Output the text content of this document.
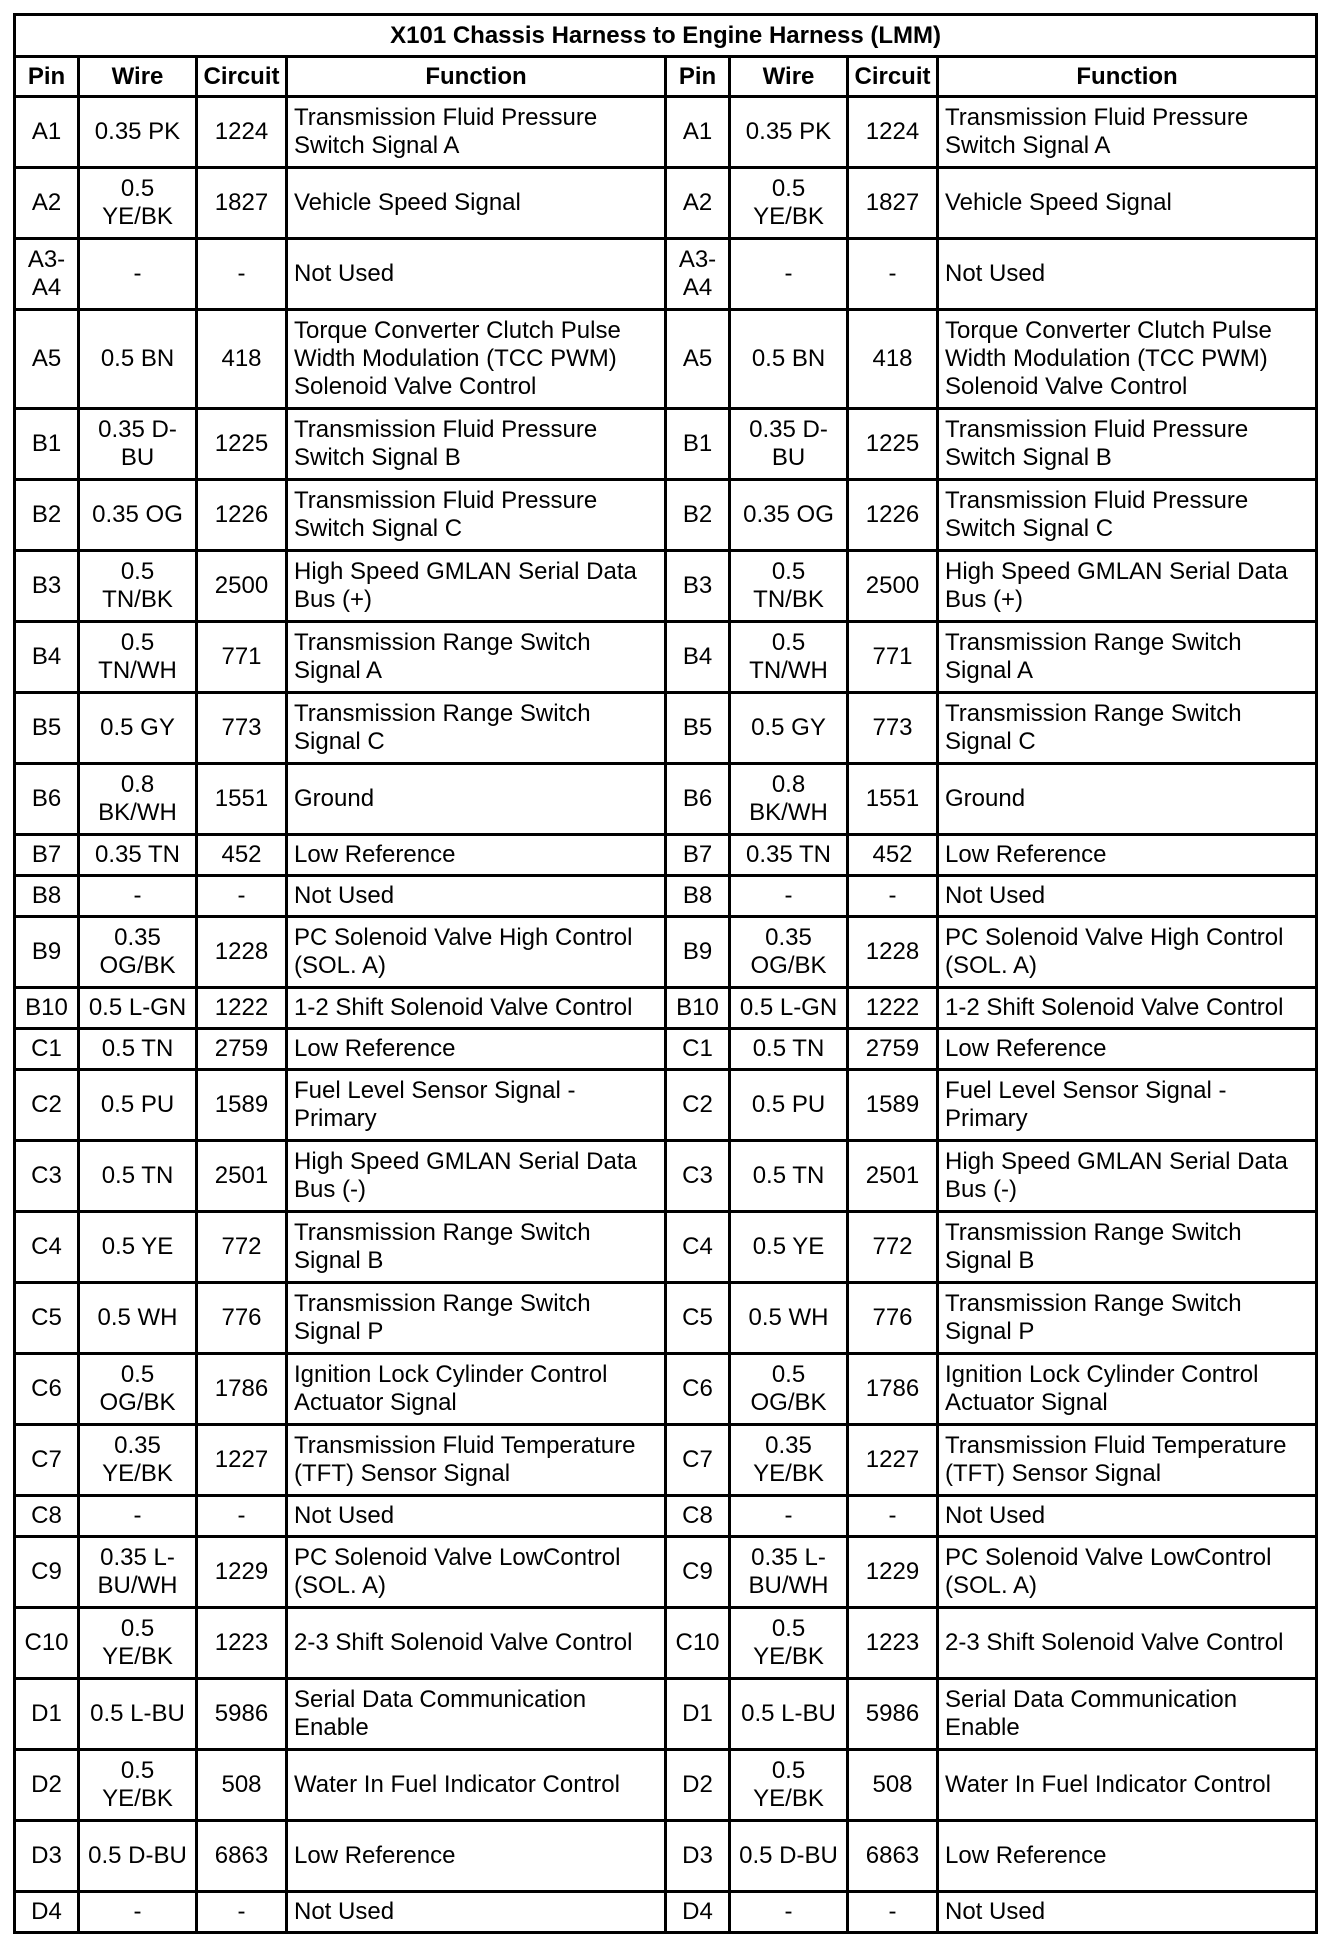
X101 Chassis Harness to Engine Harness (LMM)							
Pin	Wire	Circuit	Function	Pin	Wire	Circuit	Function
A1	0.35 PK	1224	Transmission Fluid Pressure Switch Signal A	A1	0.35 PK	1224	Transmission Fluid Pressure Switch Signal A
A2	0.5 YE/BK	1827	Vehicle Speed Signal	A2	0.5 YE/BK	1827	Vehicle Speed Signal
A3-A4	-	-	Not Used	A3-A4	-	-	Not Used
A5	0.5 BN	418	Torque Converter Clutch Pulse Width Modulation (TCC PWM) Solenoid Valve Control	A5	0.5 BN	418	Torque Converter Clutch Pulse Width Modulation (TCC PWM) Solenoid Valve Control
B1	0.35 D-BU	1225	Transmission Fluid Pressure Switch Signal B	B1	0.35 D-BU	1225	Transmission Fluid Pressure Switch Signal B
B2	0.35 OG	1226	Transmission Fluid Pressure Switch Signal C	B2	0.35 OG	1226	Transmission Fluid Pressure Switch Signal C
B3	0.5 TN/BK	2500	High Speed GMLAN Serial Data Bus (+)	B3	0.5 TN/BK	2500	High Speed GMLAN Serial Data Bus (+)
B4	0.5 TN/WH	771	Transmission Range Switch Signal A	B4	0.5 TN/WH	771	Transmission Range Switch Signal A
B5	0.5 GY	773	Transmission Range Switch Signal C	B5	0.5 GY	773	Transmission Range Switch Signal C
B6	0.8 BK/WH	1551	Ground	B6	0.8 BK/WH	1551	Ground
B7	0.35 TN	452	Low Reference	B7	0.35 TN	452	Low Reference
B8	-	-	Not Used	B8	-	-	Not Used
B9	0.35 OG/BK	1228	PC Solenoid Valve High Control (SOL. A)	B9	0.35 OG/BK	1228	PC Solenoid Valve High Control (SOL. A)
B10	0.5 L-GN	1222	1-2 Shift Solenoid Valve Control	B10	0.5 L-GN	1222	1-2 Shift Solenoid Valve Control
C1	0.5 TN	2759	Low Reference	C1	0.5 TN	2759	Low Reference
C2	0.5 PU	1589	Fuel Level Sensor Signal - Primary	C2	0.5 PU	1589	Fuel Level Sensor Signal - Primary
C3	0.5 TN	2501	High Speed GMLAN Serial Data Bus (-)	C3	0.5 TN	2501	High Speed GMLAN Serial Data Bus (-)
C4	0.5 YE	772	Transmission Range Switch Signal B	C4	0.5 YE	772	Transmission Range Switch Signal B
C5	0.5 WH	776	Transmission Range Switch Signal P	C5	0.5 WH	776	Transmission Range Switch Signal P
C6	0.5 OG/BK	1786	Ignition Lock Cylinder Control Actuator Signal	C6	0.5 OG/BK	1786	Ignition Lock Cylinder Control Actuator Signal
C7	0.35 YE/BK	1227	Transmission Fluid Temperature (TFT) Sensor Signal	C7	0.35 YE/BK	1227	Transmission Fluid Temperature (TFT) Sensor Signal
C8	-	-	Not Used	C8	-	-	Not Used
C9	0.35 L-BU/WH	1229	PC Solenoid Valve LowControl (SOL. A)	C9	0.35 L-BU/WH	1229	PC Solenoid Valve LowControl (SOL. A)
C10	0.5 YE/BK	1223	2-3 Shift Solenoid Valve Control	C10	0.5 YE/BK	1223	2-3 Shift Solenoid Valve Control
D1	0.5 L-BU	5986	Serial Data Communication Enable	D1	0.5 L-BU	5986	Serial Data Communication Enable
D2	0.5 YE/BK	508	Water In Fuel Indicator Control	D2	0.5 YE/BK	508	Water In Fuel Indicator Control
D3	0.5 D-BU	6863	Low Reference	D3	0.5 D-BU	6863	Low Reference
D4	-	-	Not Used	D4	-	-	Not Used
